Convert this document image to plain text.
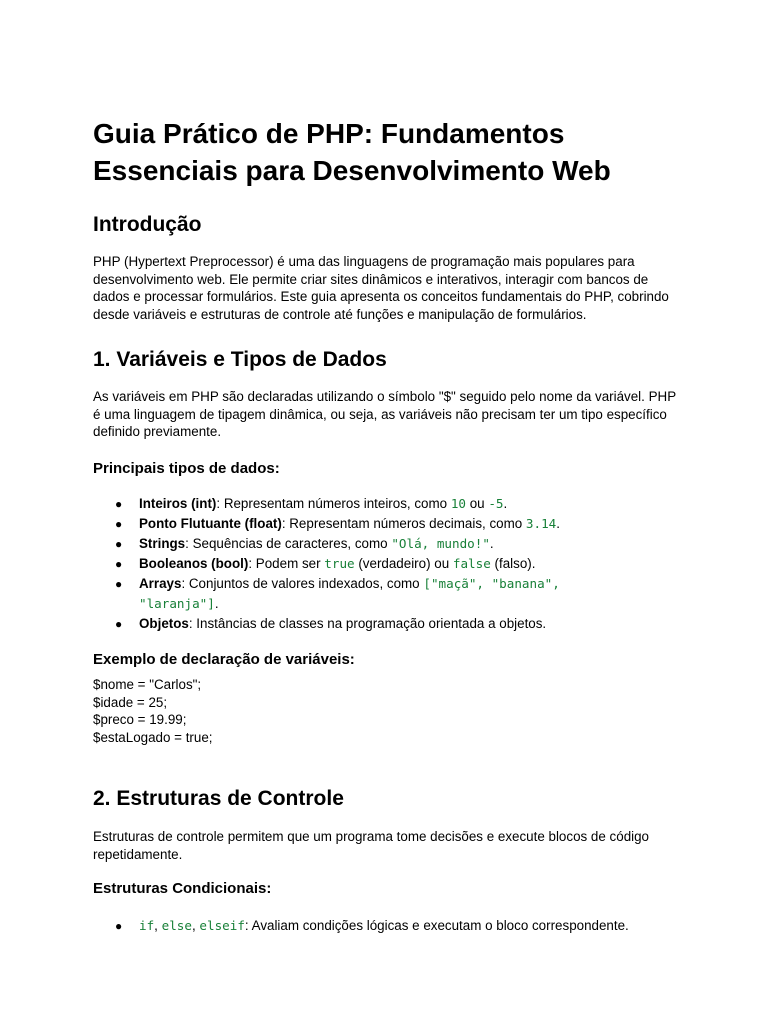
Guia Prático de PHP: Fundamentos Essenciais para Desenvolvimento Web
Introdução

PHP (Hypertext Preprocessor) é uma das linguagens de programação mais populares para desenvolvimento web. Ele permite criar sites dinâmicos e interativos, interagir com bancos de dados e processar formulários. Este guia apresenta os conceitos fundamentais do PHP, cobrindo desde variáveis e estruturas de controle até funções e manipulação de formulários.

1. Variáveis e Tipos de Dados

As variáveis em PHP são declaradas utilizando o símbolo "$" seguido pelo nome da variável. PHP é uma linguagem de tipagem dinâmica, ou seja, as variáveis não precisam ter um tipo específico definido previamente.

Principais tipos de dados:
● Inteiros (int): Representam números inteiros, como 10 ou -5.
● Ponto Flutuante (float): Representam números decimais, como 3.14.
● Strings: Sequências de caracteres, como "Olá, mundo!".
● Booleanos (bool): Podem ser true (verdadeiro) ou false (falso).
● Arrays: Conjuntos de valores indexados, como ["maçã", "banana",
"laranja"].
● Objetos: Instâncias de classes na programação orientada a objetos.
Exemplo de declaração de variáveis:
$nome = "Carlos";
$idade = 25;
$preco = 19.99;
$estaLogado = true;
2. Estruturas de Controle

Estruturas de controle permitem que um programa tome decisões e execute blocos de código repetidamente.

Estruturas Condicionais:
● if, else, elseif: Avaliam condições lógicas e executam o bloco correspondente.
